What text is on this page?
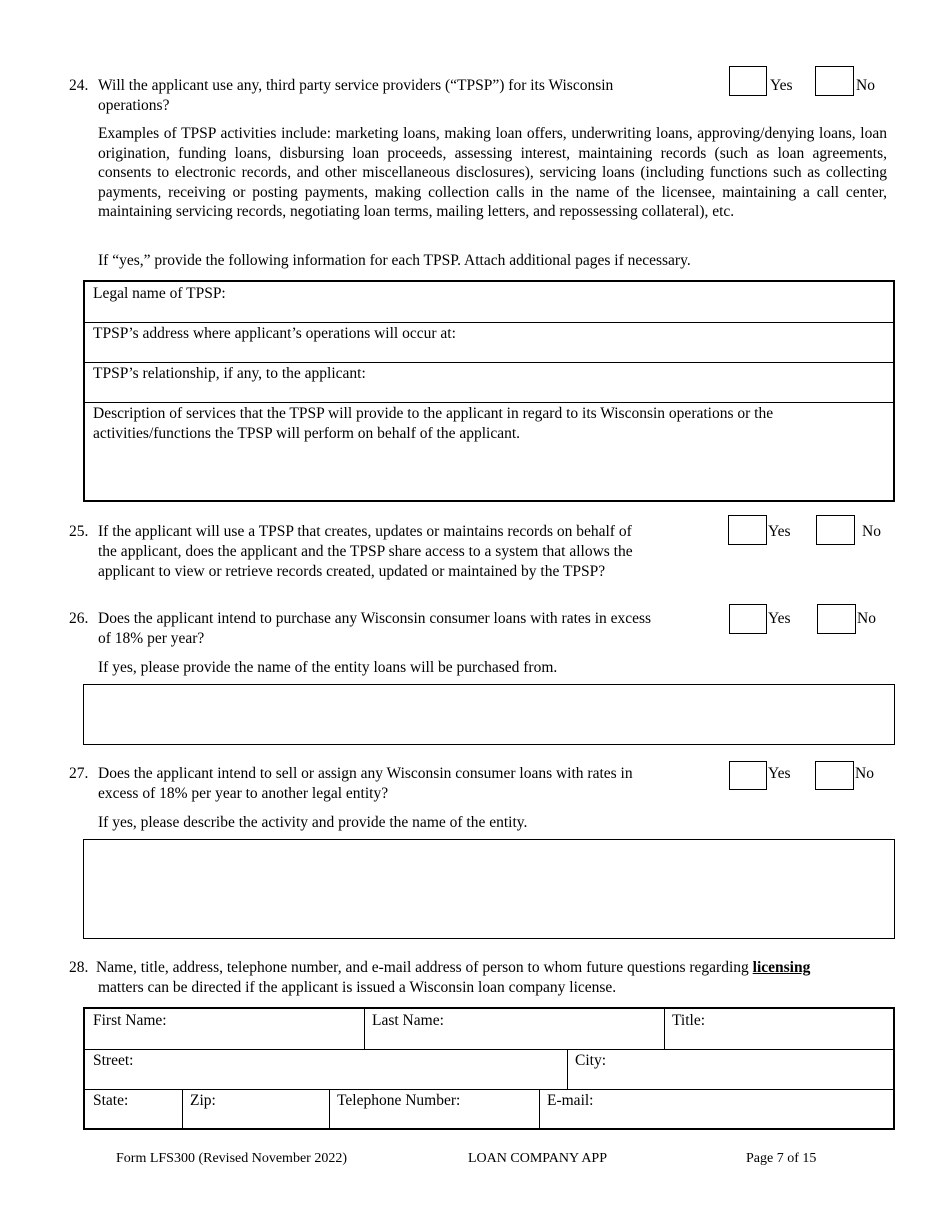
24. Will the applicant use any, third party service providers (“TPSP”) for its Wisconsin
operations?
Yes	No
Examples of TPSP activities include: marketing loans, making loan offers, underwriting loans, approving/denying loans, loan origination, funding loans, disbursing loan proceeds, assessing interest, maintaining records (such as loan agreements, consents to electronic records, and other miscellaneous disclosures), servicing loans (including functions such as collecting payments, receiving or posting payments, making collection calls in the name of the licensee, maintaining a call center, maintaining servicing records, negotiating loan terms, mailing letters, and repossessing collateral), etc.
If “yes,” provide the following information for each TPSP. Attach additional pages if necessary.
Legal name of TPSP:
TPSP’s address where applicant’s operations will occur at:
TPSP’s relationship, if any, to the applicant:
Description of services that the TPSP will provide to the applicant in regard to its Wisconsin operations or the
activities/functions the TPSP will perform on behalf of the applicant.
25. If the applicant will use a TPSP that creates, updates or maintains records on behalf of
the applicant, does the applicant and the TPSP share access to a system that allows the
applicant to view or retrieve records created, updated or maintained by the TPSP?
Yes	No
26. Does the applicant intend to purchase any Wisconsin consumer loans with rates in excess
of 18% per year?
Yes	No
If yes, please provide the name of the entity loans will be purchased from.
27. Does the applicant intend to sell or assign any Wisconsin consumer loans with rates in
excess of 18% per year to another legal entity?
Yes	No
If yes, please describe the activity and provide the name of the entity.
28. Name, title, address, telephone number, and e-mail address of person to whom future questions regarding licensing
matters can be directed if the applicant is issued a Wisconsin loan company license.
First Name:	Last Name:	Title:
Street:	City:
State:	Zip:	Telephone Number:	E-mail:
Form LFS300 (Revised November 2022)	LOAN COMPANY APP	Page 7 of 15
